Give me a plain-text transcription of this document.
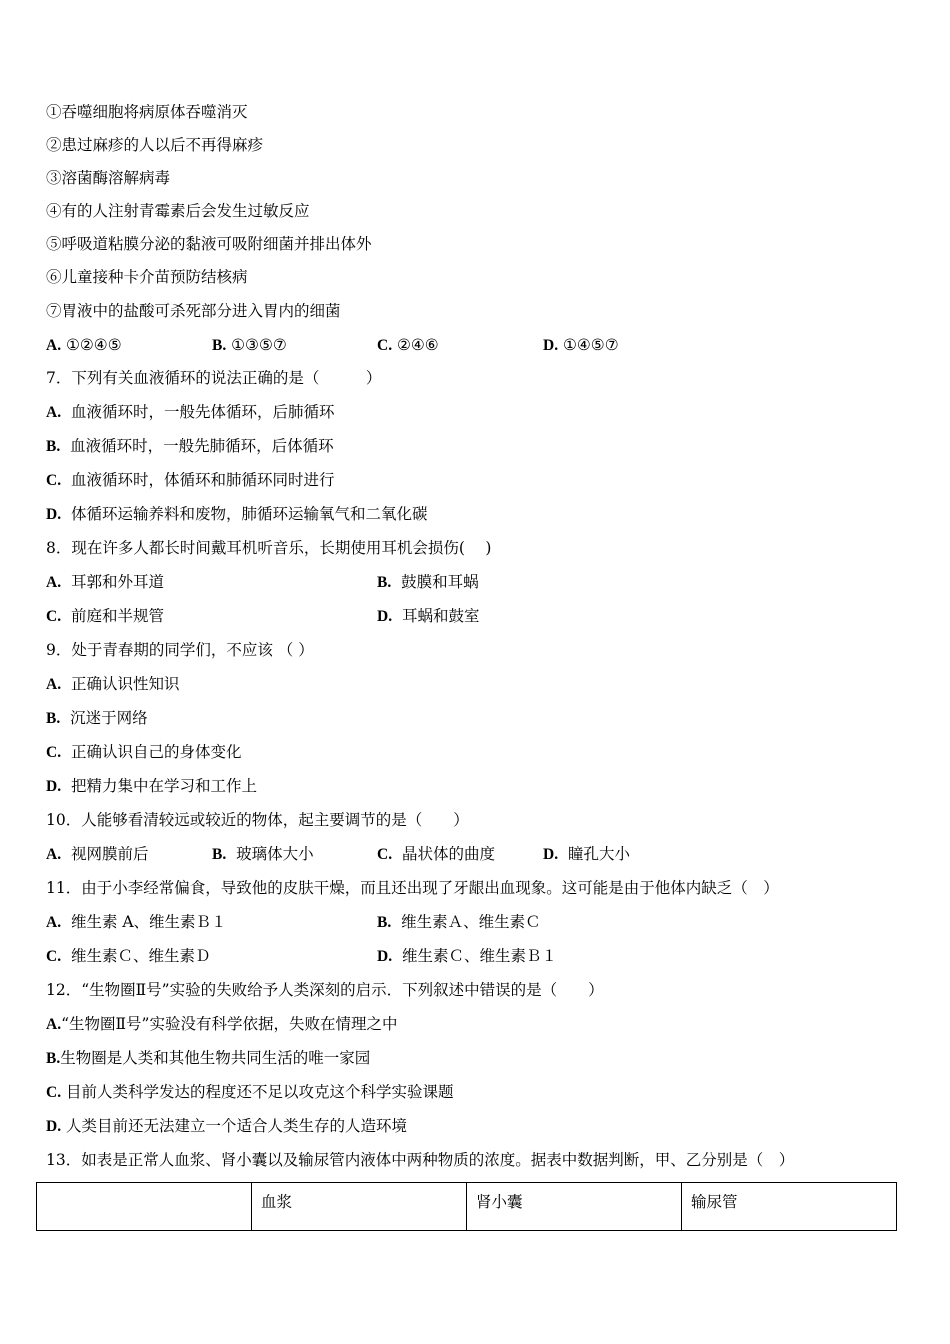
①吞噬细胞将病原体吞噬消灭
②患过麻疹的人以后不再得麻疹
③溶菌酶溶解病毒
④有的人注射青霉素后会发生过敏反应
⑤呼吸道粘膜分泌的黏液可吸附细菌并排出体外
⑥儿童接种卡介苗预防结核病
⑦胃液中的盐酸可杀死部分进入胃内的细菌
A. ①②④⑤	B. ①③⑤⑦	C. ②④⑥	D. ①④⑤⑦
7．下列有关血液循环的说法正确的是（　　　）
A. 血液循环时，一般先体循环，后肺循环
B. 血液循环时，一般先肺循环，后体循环
C. 血液循环时，体循环和肺循环同时进行
D. 体循环运输养料和废物，肺循环运输氧气和二氧化碳
8．现在许多人都长时间戴耳机听音乐，长期使用耳机会损伤(　 )
A. 耳郭和外耳道	B. 鼓膜和耳蜗
C. 前庭和半规管	D. 耳蜗和鼓室
9．处于青春期的同学们，不应该 （ ）
A. 正确认识性知识
B. 沉迷于网络
C. 正确认识自己的身体变化
D. 把精力集中在学习和工作上
10．人能够看清较远或较近的物体，起主要调节的是（　　）
A. 视网膜前后	B. 玻璃体大小	C. 晶状体的曲度	D. 瞳孔大小
11．由于小李经常偏食，导致他的皮肤干燥，而且还出现了牙龈出血现象。这可能是由于他体内缺乏（　）
A. 维生素 A、维生素Ｂ１	B. 维生素Ａ、维生素Ｃ
C. 维生素Ｃ、维生素Ｄ	D. 维生素Ｃ、维生素Ｂ１
12．“生物圈Ⅱ号”实验的失败给予人类深刻的启示．下列叙述中错误的是（　　）
A.“生物圈Ⅱ号”实验没有科学依据，失败在情理之中
B.生物圈是人类和其他生物共同生活的唯一家园
C. 目前人类科学发达的程度还不足以攻克这个科学实验课题
D. 人类目前还无法建立一个适合人类生存的人造环境
13．如表是正常人血浆、肾小囊以及输尿管内液体中两种物质的浓度。据表中数据判断，甲、乙分别是（　）
	血浆	肾小囊	输尿管
